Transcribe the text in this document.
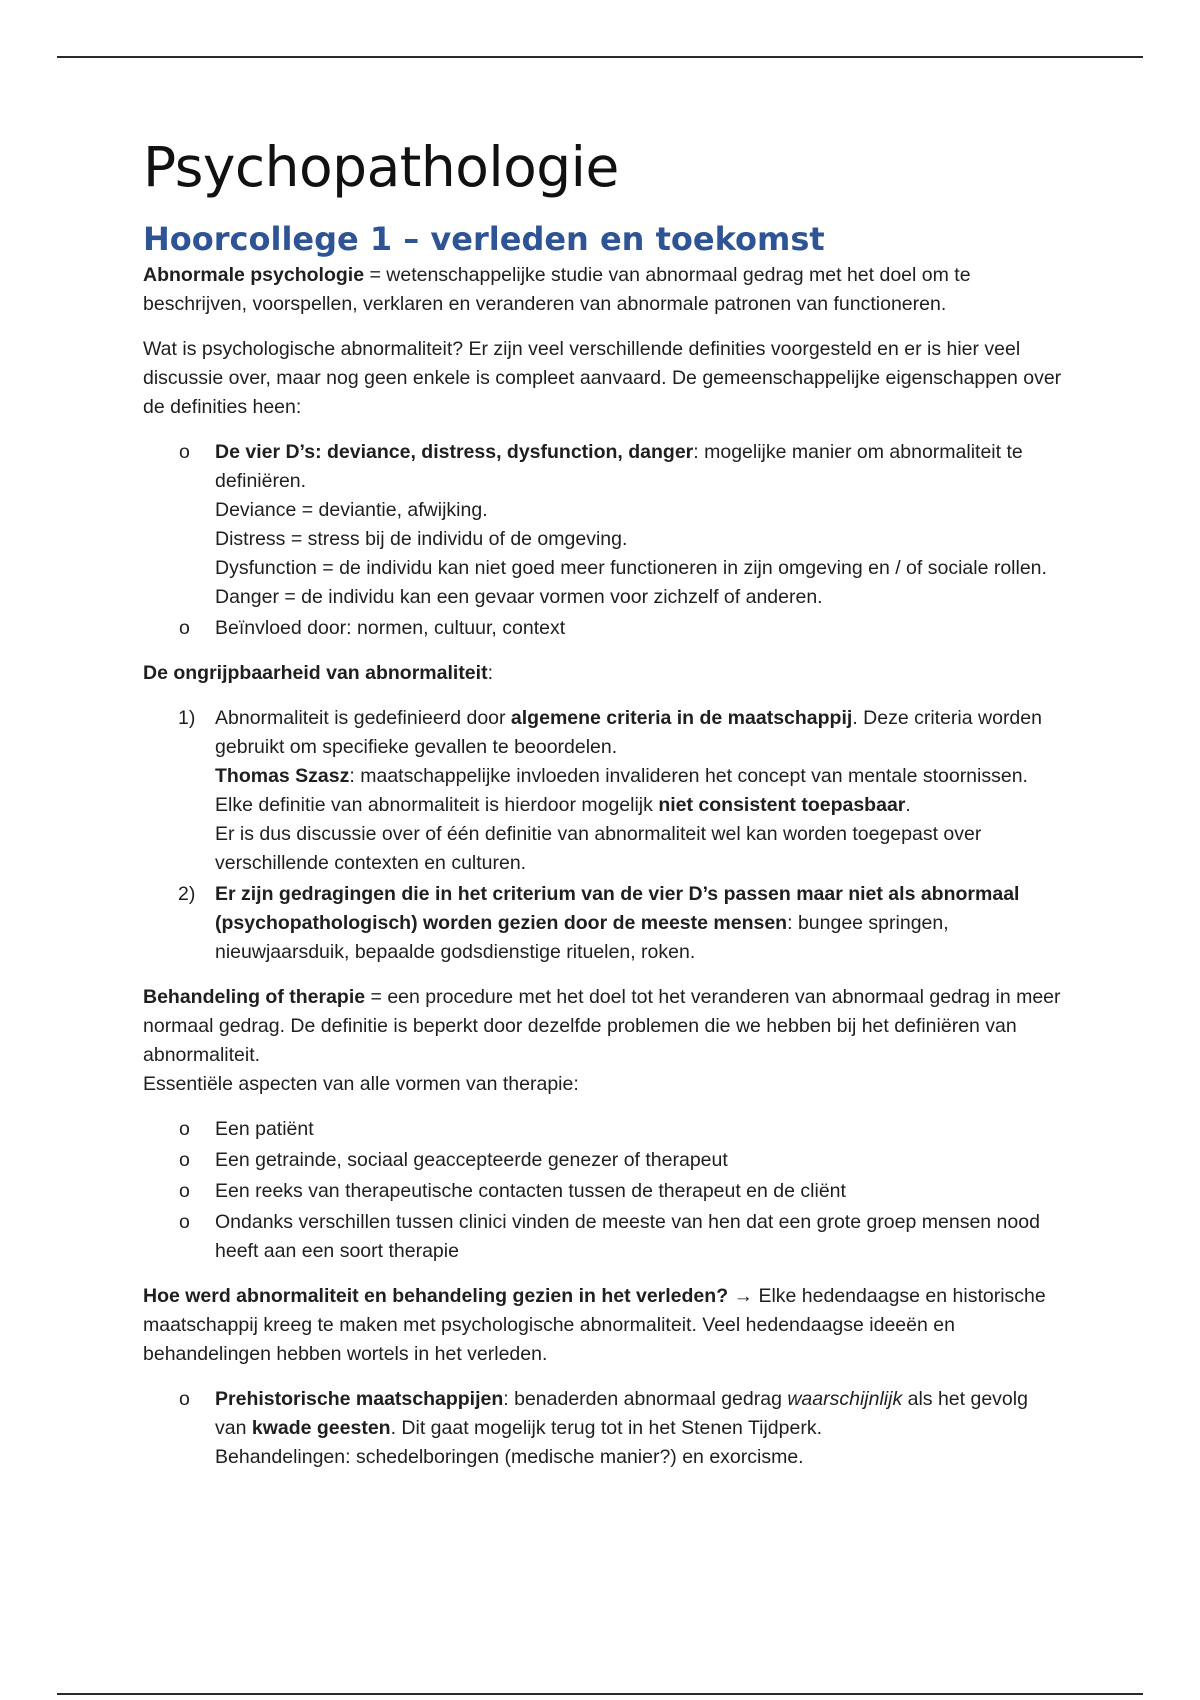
Psychopathologie
Hoorcollege 1 – verleden en toekomst

Abnormale psychologie = wetenschappelijke studie van abnormaal gedrag met het doel om te beschrijven, voorspellen, verklaren en veranderen van abnormale patronen van functioneren.

Wat is psychologische abnormaliteit? Er zijn veel verschillende definities voorgesteld en er is hier veel discussie over, maar nog geen enkele is compleet aanvaard. De gemeenschappelijke eigenschappen over de definities heen:

o De vier D’s: deviance, distress, dysfunction, danger: mogelijke manier om abnormaliteit te definiëren.
Deviance = deviantie, afwijking.
Distress = stress bij de individu of de omgeving.
Dysfunction = de individu kan niet goed meer functioneren in zijn omgeving en / of sociale rollen.
Danger = de individu kan een gevaar vormen voor zichzelf of anderen.
o Beïnvloed door: normen, cultuur, context

De ongrijpbaarheid van abnormaliteit:

1) Abnormaliteit is gedefinieerd door algemene criteria in de maatschappij. Deze criteria worden gebruikt om specifieke gevallen te beoordelen.
Thomas Szasz: maatschappelijke invloeden invalideren het concept van mentale stoornissen.
Elke definitie van abnormaliteit is hierdoor mogelijk niet consistent toepasbaar.
Er is dus discussie over of één definitie van abnormaliteit wel kan worden toegepast over verschillende contexten en culturen.
2) Er zijn gedragingen die in het criterium van de vier D’s passen maar niet als abnormaal (psychopathologisch) worden gezien door de meeste mensen: bungee springen, nieuwjaarsduik, bepaalde godsdienstige rituelen, roken.

Behandeling of therapie = een procedure met het doel tot het veranderen van abnormaal gedrag in meer normaal gedrag. De definitie is beperkt door dezelfde problemen die we hebben bij het definiëren van abnormaliteit.
Essentiële aspecten van alle vormen van therapie:

o Een patiënt
o Een getrainde, sociaal geaccepteerde genezer of therapeut
o Een reeks van therapeutische contacten tussen de therapeut en de cliënt
o Ondanks verschillen tussen clinici vinden de meeste van hen dat een grote groep mensen nood heeft aan een soort therapie

Hoe werd abnormaliteit en behandeling gezien in het verleden? → Elke hedendaagse en historische maatschappij kreeg te maken met psychologische abnormaliteit. Veel hedendaagse ideeën en behandelingen hebben wortels in het verleden.

o Prehistorische maatschappijen: benaderden abnormaal gedrag waarschijnlijk als het gevolg van kwade geesten. Dit gaat mogelijk terug tot in het Stenen Tijdperk.
Behandelingen: schedelboringen (medische manier?) en exorcisme.
